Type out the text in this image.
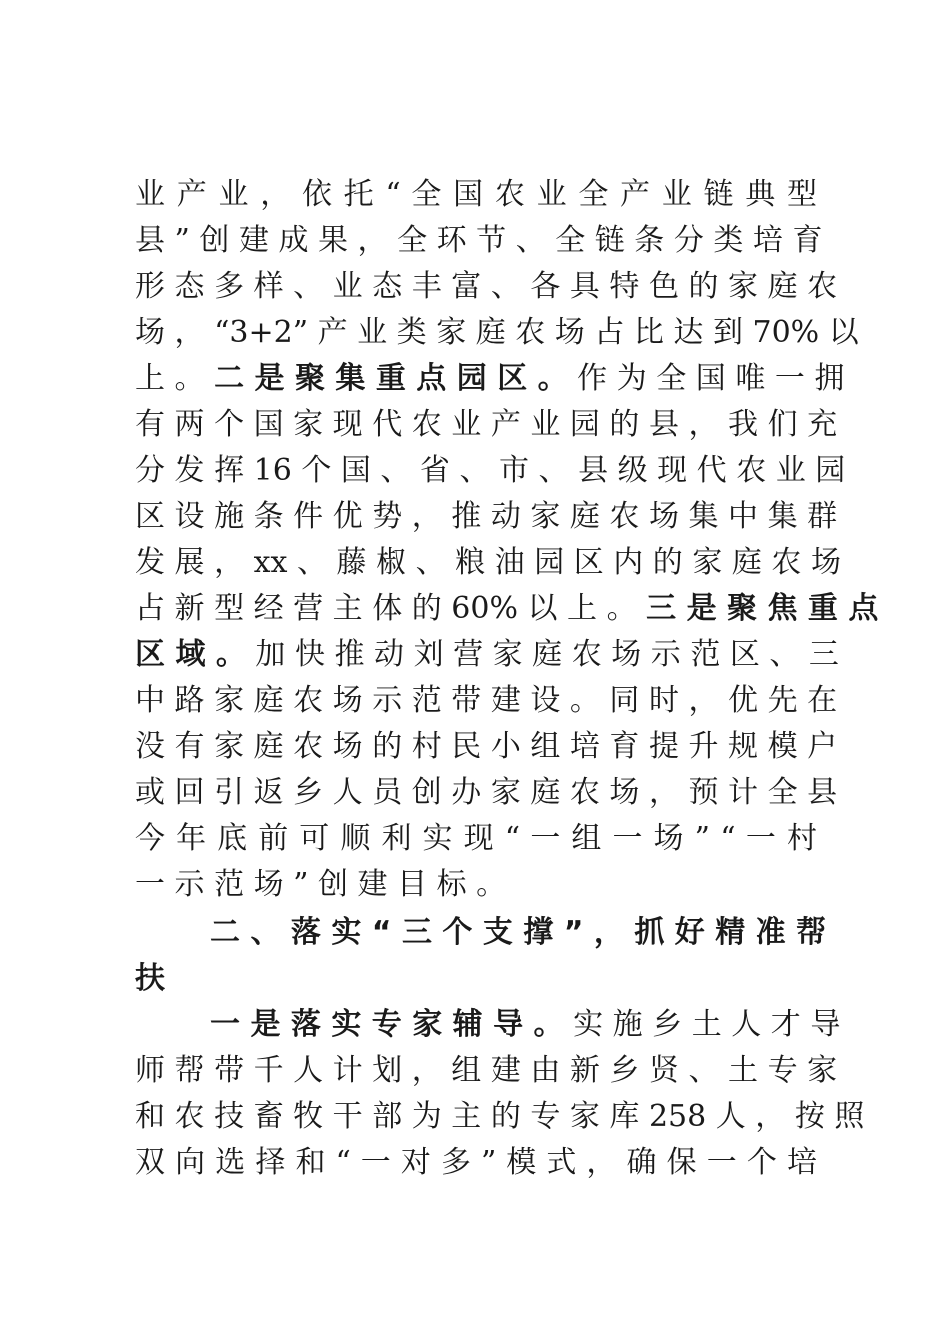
业 产 业 ， 依 托 “ 全 国 农 业 全 产 业 链 典 型
县 ” 创 建 成 果 ， 全 环 节 、 全 链 条 分 类 培 育
形 态 多 样 、 业 态 丰 富 、 各 具 特 色 的 家 庭 农
场 ， “3+2” 产 业 类 家 庭 农 场 占 比 达 到 70% 以
上 。 二 是 聚 集 重 点 园 区 。 作 为 全 国 唯 一 拥
有 两 个 国 家 现 代 农 业 产 业 园 的 县 ， 我 们 充
分 发 挥 16 个 国 、 省 、 市 、 县 级 现 代 农 业 园
区 设 施 条 件 优 势 ， 推 动 家 庭 农 场 集 中 集 群
发 展 ， xx 、 藤 椒 、 粮 油 园 区 内 的 家 庭 农 场
占 新 型 经 营 主 体 的 60% 以 上 。 三 是 聚 焦 重 点
区 域 。 加 快 推 动 刘 营 家 庭 农 场 示 范 区 、 三
中 路 家 庭 农 场 示 范 带 建 设 。 同 时 ， 优 先 在
没 有 家 庭 农 场 的 村 民 小 组 培 育 提 升 规 模 户
或 回 引 返 乡 人 员 创 办 家 庭 农 场 ， 预 计 全 县
今 年 底 前 可 顺 利 实 现 “ 一 组 一 场 ” “ 一 村
一 示 范 场 ” 创 建 目 标 。
二 、 落 实 “ 三 个 支 撑 ” ， 抓 好 精 准 帮
扶
一 是 落 实 专 家 辅 导 。 实 施 乡 土 人 才 导
师 帮 带 千 人 计 划 ， 组 建 由 新 乡 贤 、 土 专 家
和 农 技 畜 牧 干 部 为 主 的 专 家 库 258 人 ， 按 照
双 向 选 择 和 “ 一 对 多 ” 模 式 ， 确 保 一 个 培
